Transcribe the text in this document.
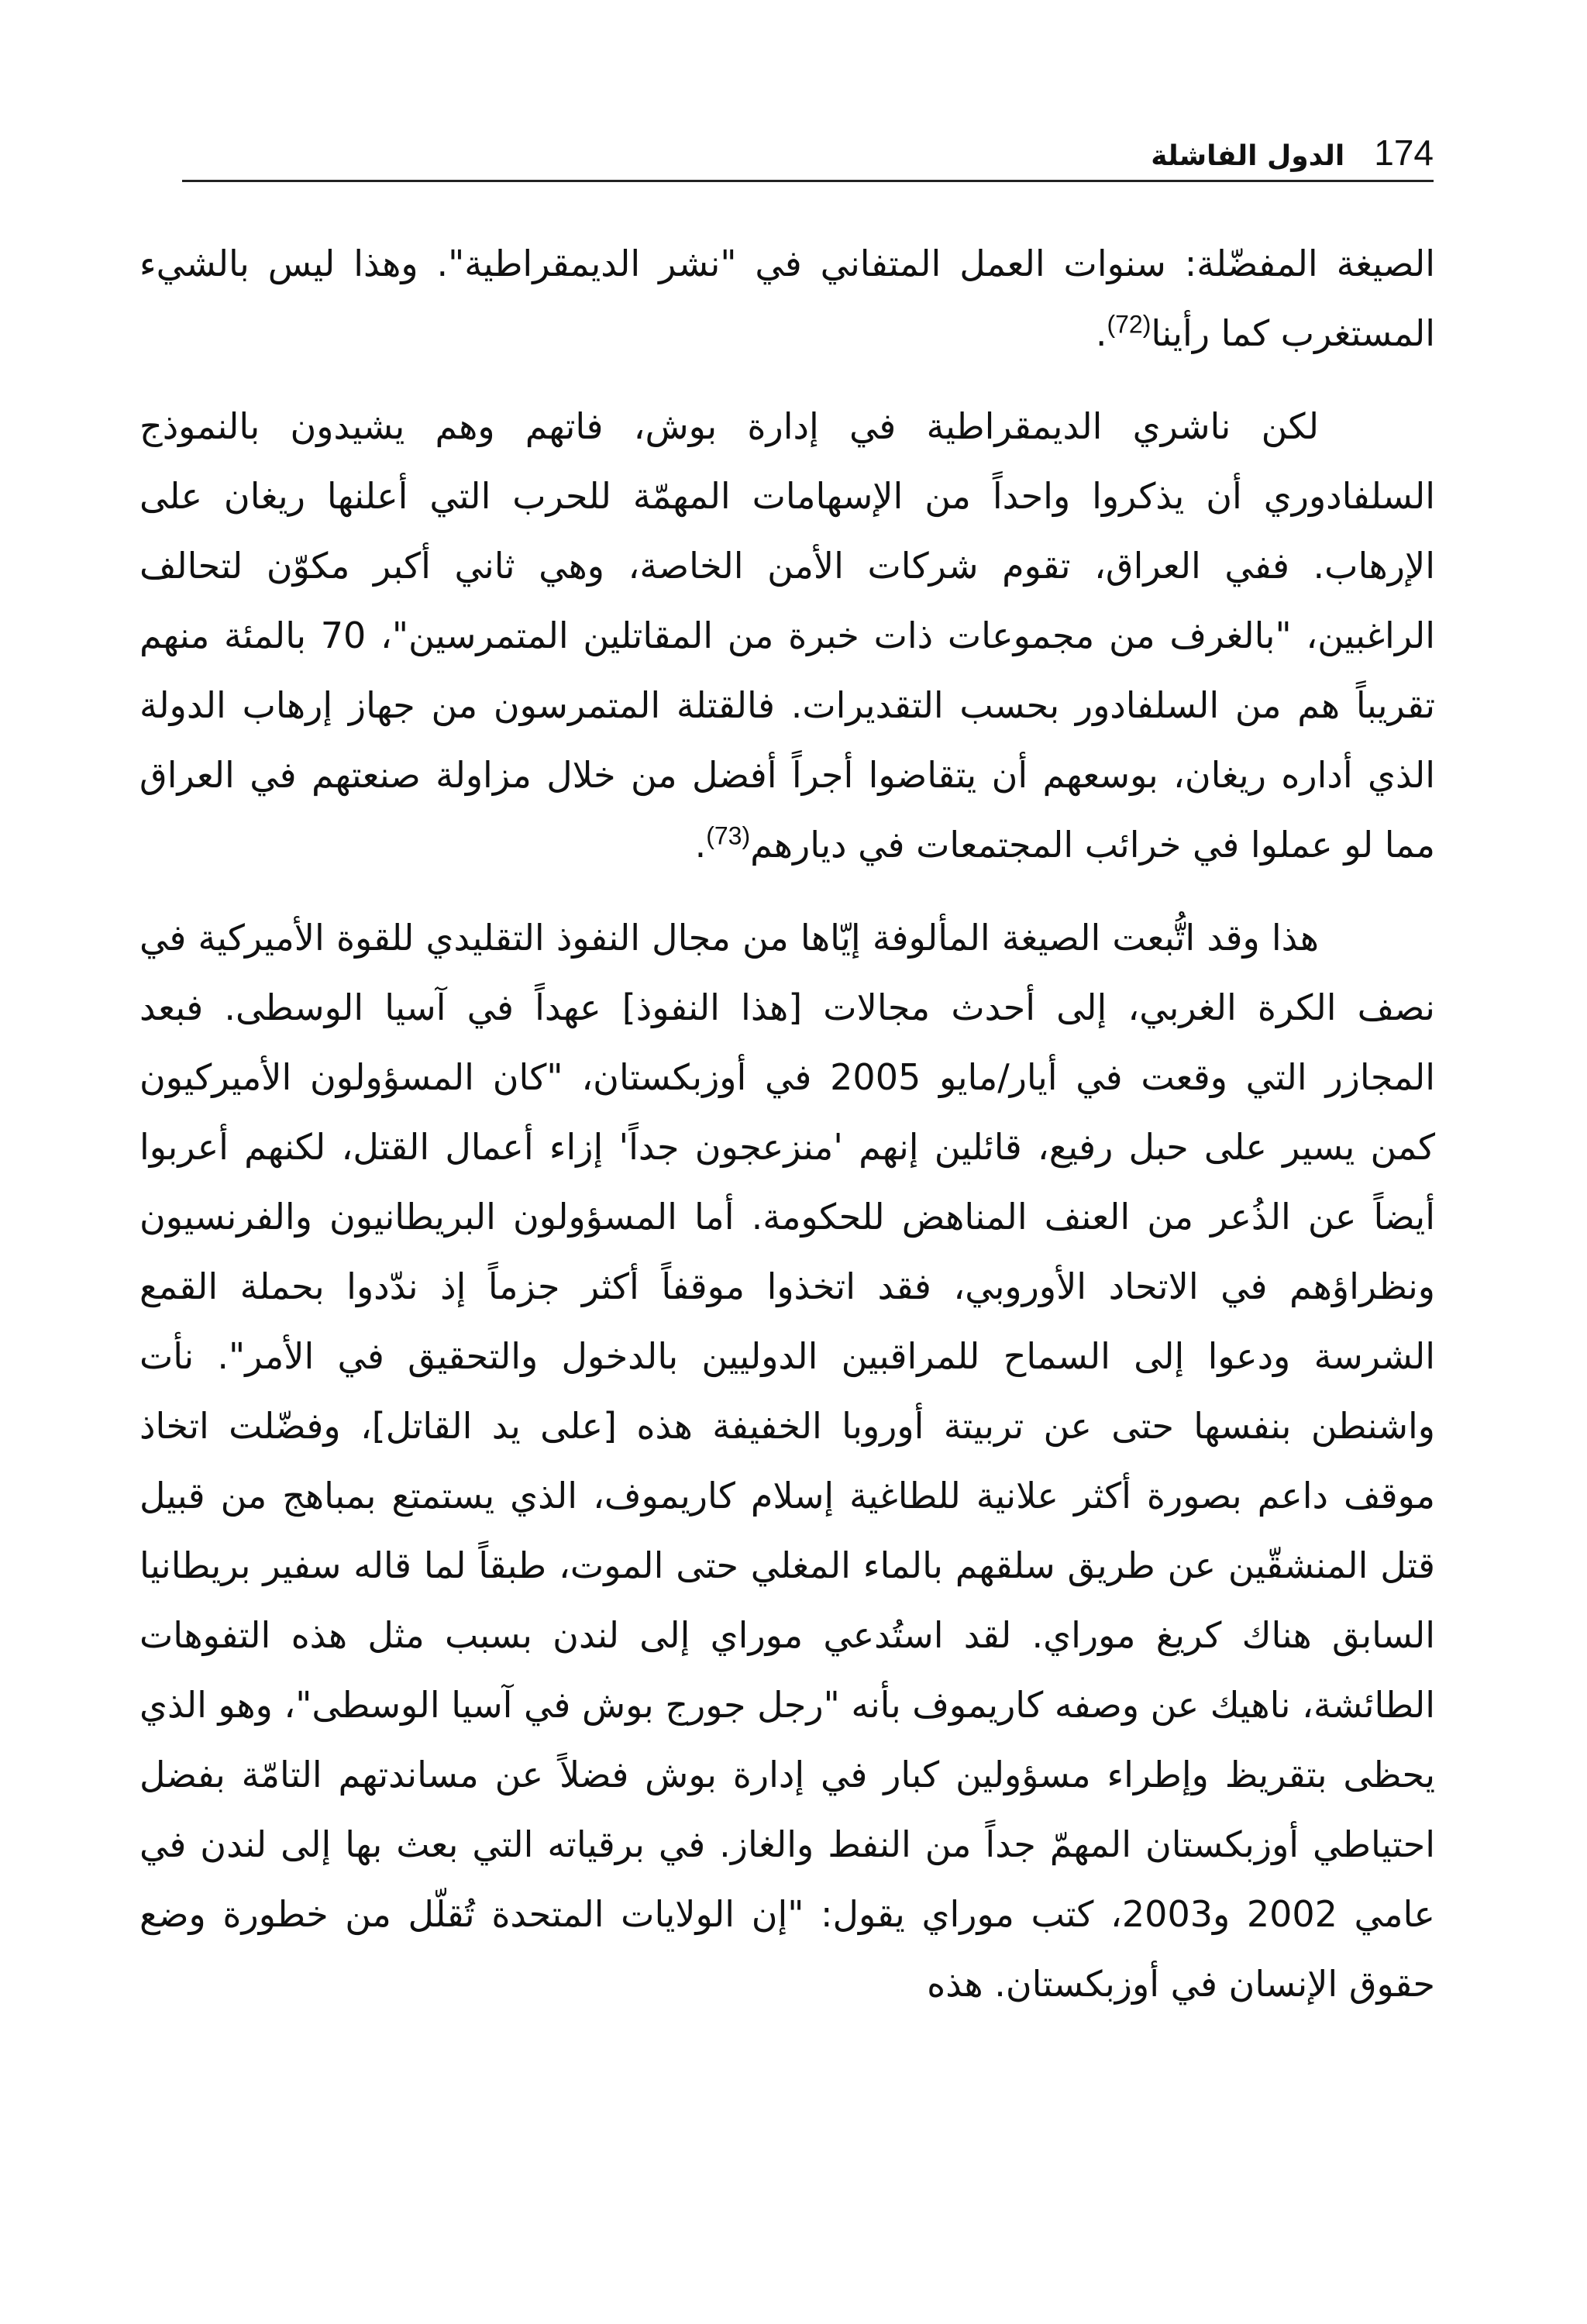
الدول الفاشلة 174

الصيغة المفضّلة: سنوات العمل المتفاني في "نشر الديمقراطية". وهذا ليس بالشيء المستغرب كما رأينا$^{(72)}$.

لكن ناشري الديمقراطية في إدارة بوش، فاتهم وهم يشيدون بالنموذج السلفادوري أن يذكروا واحداً من الإسهامات المهمّة للحرب التي أعلنها ريغان على الإرهاب. ففي العراق، تقوم شركات الأمن الخاصة، وهي ثاني أكبر مكوّن لتحالف الراغبين، "بالغرف من مجموعات ذات خبرة من المقاتلين المتمرسين"، 70 بالمئة منهم تقريباً هم من السلفادور بحسب التقديرات. فالقتلة المتمرسون من جهاز إرهاب الدولة الذي أداره ريغان، بوسعهم أن يتقاضوا أجراً أفضل من خلال مزاولة صنعتهم في العراق مما لو عملوا في خرائب المجتمعات في ديارهم$^{(73)}$.

هذا وقد اتُّبعت الصيغة المألوفة إيّاها من مجال النفوذ التقليدي للقوة الأميركية في نصف الكرة الغربي، إلى أحدث مجالات [هذا النفوذ] عهداً في آسيا الوسطى. فبعد المجازر التي وقعت في أيار/مايو 2005 في أوزبكستان، "كان المسؤولون الأميركيون كمن يسير على حبل رفيع، قائلين إنهم 'منزعجون جداً' إزاء أعمال القتل، لكنهم أعربوا أيضاً عن الذُعر من العنف المناهض للحكومة. أما المسؤولون البريطانيون والفرنسيون ونظراؤهم في الاتحاد الأوروبي، فقد اتخذوا موقفاً أكثر جزماً إذ ندّدوا بحملة القمع الشرسة ودعوا إلى السماح للمراقبين الدوليين بالدخول والتحقيق في الأمر". نأت واشنطن بنفسها حتى عن تربيتة أوروبا الخفيفة هذه [على يد القاتل]، وفضّلت اتخاذ موقف داعم بصورة أكثر علانية للطاغية إسلام كاريموف، الذي يستمتع بمباهج من قبيل قتل المنشقّين عن طريق سلقهم بالماء المغلي حتى الموت، طبقاً لما قاله سفير بريطانيا السابق هناك كريغ موراي. لقد استُدعي موراي إلى لندن بسبب مثل هذه التفوهات الطائشة، ناهيك عن وصفه كاريموف بأنه "رجل جورج بوش في آسيا الوسطى"، وهو الذي يحظى بتقريظ وإطراء مسؤولين كبار في إدارة بوش فضلاً عن مساندتهم التامّة بفضل احتياطي أوزبكستان المهمّ جداً من النفط والغاز. في برقياته التي بعث بها إلى لندن في عامي 2002 و2003، كتب موراي يقول: "إن الولايات المتحدة تُقلّل من خطورة وضع حقوق الإنسان في أوزبكستان. هذه
